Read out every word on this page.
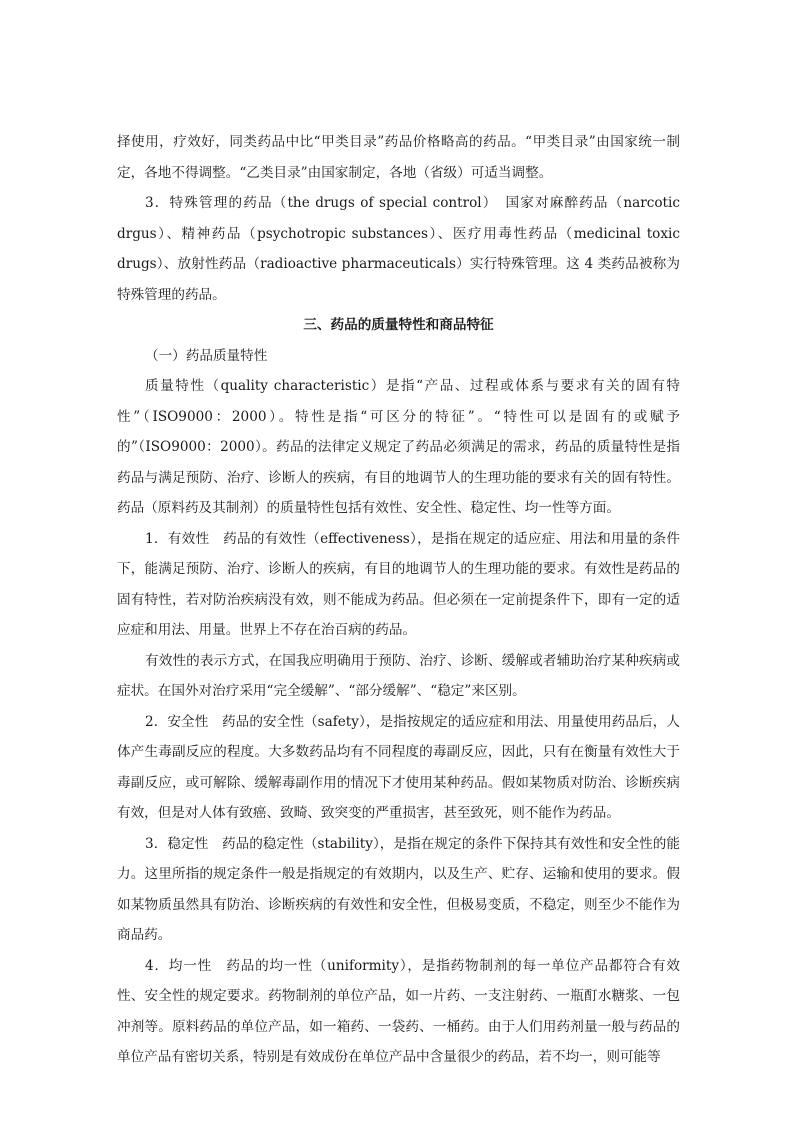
择使用，疗效好，同类药品中比“甲类目录”药品价格略高的药品。“甲类目录”由国家统一制定，各地不得调整。“乙类目录”由国家制定，各地（省级）可适当调整。

3．特殊管理的药品（the drugs of special control）　国家对麻醉药品（narcotic drgus）、精神药品（psychotropic substances）、医疗用毒性药品（medicinal toxic drugs）、放射性药品（radioactive pharmaceuticals）实行特殊管理。这 4 类药品被称为特殊管理的药品。

三、药品的质量特性和商品特征

（一）药品质量特性

质量特性（quality characteristic）是指“产品、过程或体系与要求有关的固有特性”（ISO9000：2000）。特性是指“可区分的特征”。“特性可以是固有的或赋予的”（ISO9000：2000）。药品的法律定义规定了药品必须满足的需求，药品的质量特性是指药品与满足预防、治疗、诊断人的疾病，有目的地调节人的生理功能的要求有关的固有特性。药品（原料药及其制剂）的质量特性包括有效性、安全性、稳定性、均一性等方面。

1．有效性　药品的有效性（effectiveness），是指在规定的适应症、用法和用量的条件下，能满足预防、治疗、诊断人的疾病，有目的地调节人的生理功能的要求。有效性是药品的固有特性，若对防治疾病没有效，则不能成为药品。但必须在一定前提条件下，即有一定的适应症和用法、用量。世界上不存在治百病的药品。

有效性的表示方式，在国我应明确用于预防、治疗、诊断、缓解或者辅助治疗某种疾病或症状。在国外对治疗采用“完全缓解”、“部分缓解”、“稳定”来区别。

2．安全性　药品的安全性（safety），是指按规定的适应症和用法、用量使用药品后，人体产生毒副反应的程度。大多数药品均有不同程度的毒副反应，因此，只有在衡量有效性大于毒副反应，或可解除、缓解毒副作用的情况下才使用某种药品。假如某物质对防治、诊断疾病有效，但是对人体有致癌、致畸、致突变的严重损害，甚至致死，则不能作为药品。

3．稳定性　药品的稳定性（stability），是指在规定的条件下保持其有效性和安全性的能力。这里所指的规定条件一般是指规定的有效期内，以及生产、贮存、运输和使用的要求。假如某物质虽然具有防治、诊断疾病的有效性和安全性，但极易变质，不稳定，则至少不能作为商品药。

4．均一性　药品的均一性（uniformity），是指药物制剂的每一单位产品都符合有效性、安全性的规定要求。药物制剂的单位产品，如一片药、一支注射药、一瓶酊水糖浆、一包冲剂等。原料药品的单位产品，如一箱药、一袋药、一桶药。由于人们用药剂量一般与药品的单位产品有密切关系，特别是有效成份在单位产品中含量很少的药品，若不均一，则可能等
